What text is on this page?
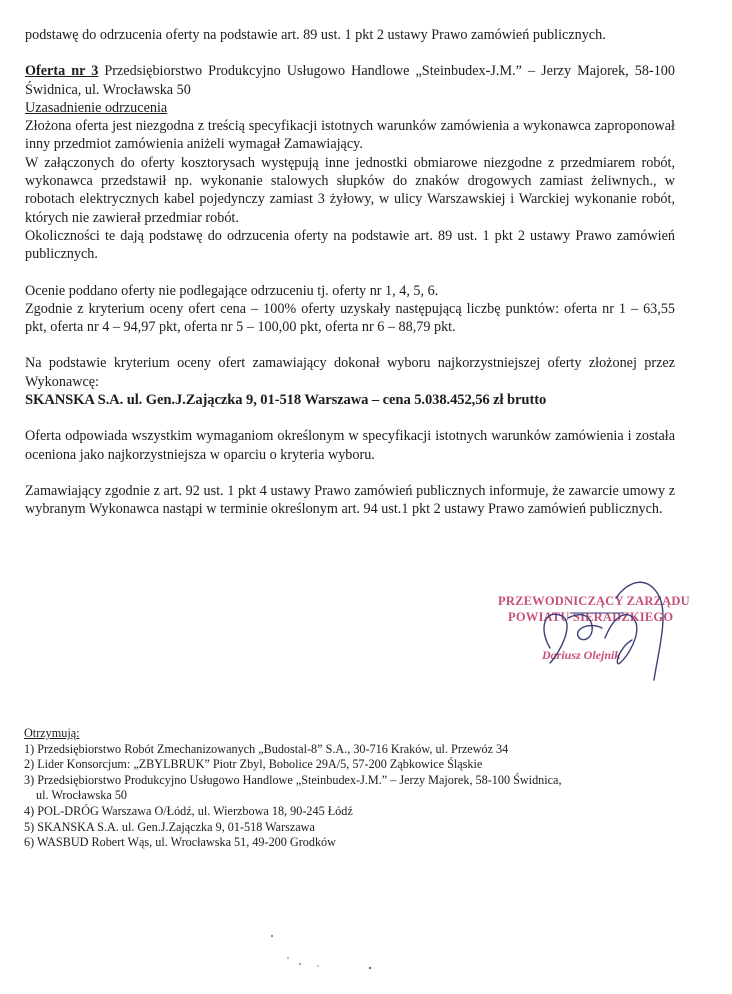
podstawę do odrzucenia oferty na podstawie art. 89 ust. 1 pkt 2 ustawy Prawo zamówień publicznych.

Oferta nr 3 Przedsiębiorstwo Produkcyjno Usługowo Handlowe „Steinbudex-J.M.” – Jerzy Majorek, 58-100 Świdnica, ul. Wrocławska 50

Uzasadnienie odrzucenia

Złożona oferta jest niezgodna z treścią specyfikacji istotnych warunków zamówienia a wykonawca zaproponował inny przedmiot zamówienia aniżeli wymagał Zamawiający.

W załączonych do oferty kosztorysach występują inne jednostki obmiarowe niezgodne z przedmiarem robót, wykonawca przedstawił np. wykonanie stalowych słupków do znaków drogowych zamiast żeliwnych., w robotach elektrycznych kabel pojedynczy zamiast 3 żyłowy, w ulicy Warszawskiej i Warckiej wykonanie robót, których nie zawierał przedmiar robót.

Okoliczności te dają podstawę do odrzucenia oferty na podstawie art. 89 ust. 1 pkt 2 ustawy Prawo zamówień publicznych.

Ocenie poddano oferty nie podlegające odrzuceniu tj. oferty nr 1, 4, 5, 6.

Zgodnie z kryterium oceny ofert cena – 100% oferty uzyskały następującą liczbę punktów: oferta nr 1 – 63,55 pkt, oferta nr 4 – 94,97 pkt, oferta nr 5 – 100,00 pkt, oferta nr 6 – 88,79 pkt.

Na podstawie kryterium oceny ofert zamawiający dokonał wyboru najkorzystniejszej oferty złożonej przez Wykonawcę:

SKANSKA S.A. ul. Gen.J.Zajączka 9, 01-518 Warszawa – cena 5.038.452,56 zł brutto

Oferta odpowiada wszystkim wymaganiom określonym w specyfikacji istotnych warunków zamówienia i została oceniona jako najkorzystniejsza w oparciu o kryteria wyboru.

Zamawiający zgodnie z art. 92 ust. 1 pkt 4 ustawy Prawo zamówień publicznych informuje, że zawarcie umowy z wybranym Wykonawca nastąpi w terminie określonym art. 94 ust.1 pkt 2 ustawy Prawo zamówień publicznych.

PRZEWODNICZĄCY ZARZĄDU
POWIATU SIERADZKIEGO
Dariusz Olejnik
Otrzymują:
1) Przedsiębiorstwo Robót Zmechanizowanych „Budostal-8” S.A., 30-716 Kraków, ul. Przewóz 34
2) Lider Konsorcjum: „ZBYLBRUK” Piotr Zbyl, Bobolice 29A/5, 57-200 Ząbkowice Śląskie
3) Przedsiębiorstwo Produkcyjno Usługowo Handlowe „Steinbudex-J.M.” – Jerzy Majorek, 58-100 Świdnica,
ul. Wrocławska 50
4) POL-DRÓG Warszawa O/Łódź, ul. Wierzbowa 18, 90-245 Łódź
5) SKANSKA S.A. ul. Gen.J.Zajączka 9, 01-518 Warszawa
6) WASBUD Robert Wąs, ul. Wrocławska 51, 49-200 Grodków
